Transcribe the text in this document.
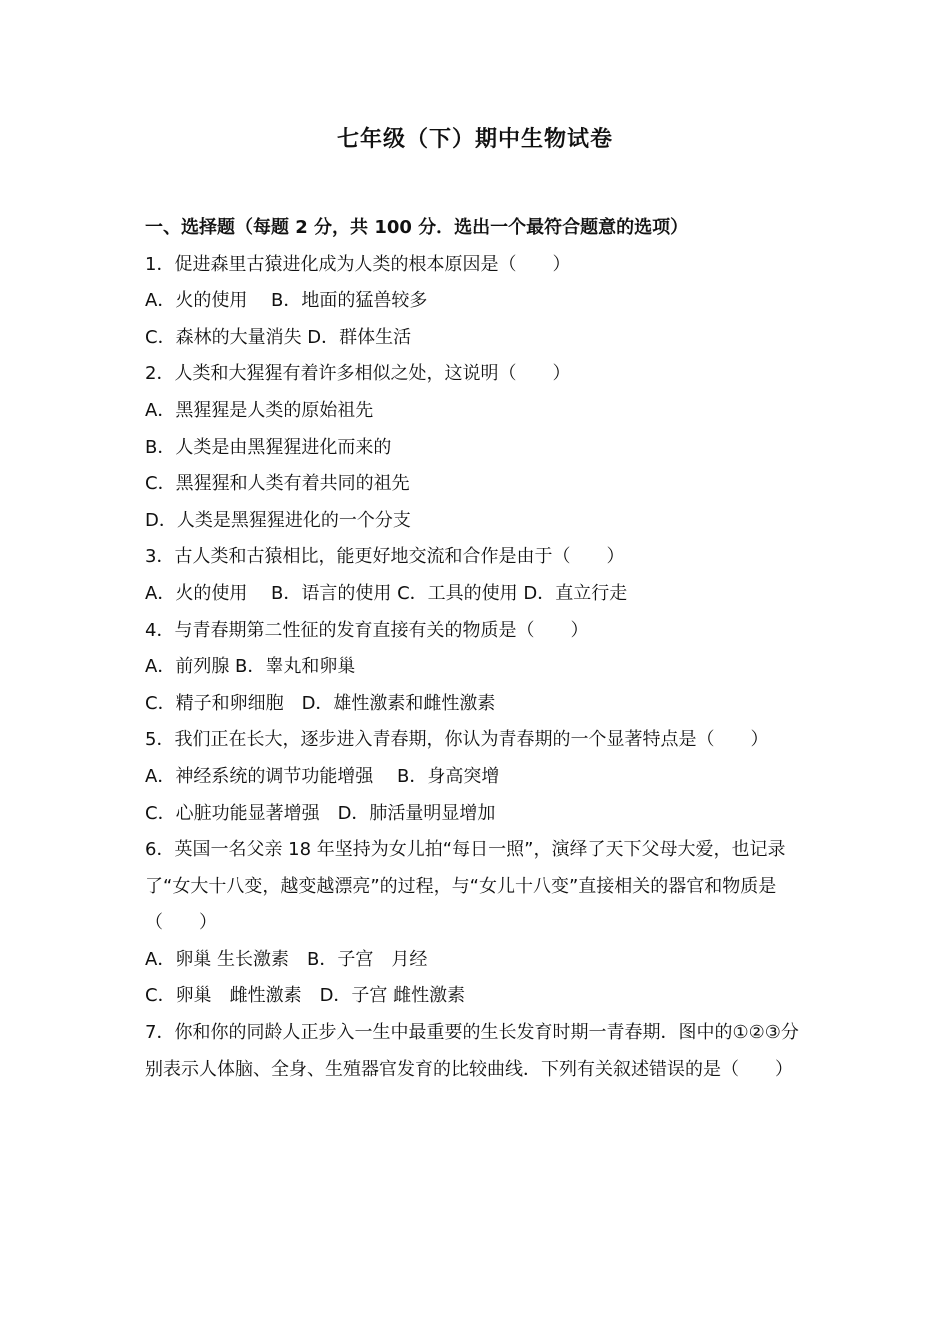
七年级（下）期中生物试卷
一、选择题（每题 2 分，共 100 分．选出一个最符合题意的选项）
1．促进森里古猿进化成为人类的根本原因是（　　）
A．火的使用　 B．地面的猛兽较多
C．森林的大量消失 D．群体生活
2．人类和大猩猩有着许多相似之处，这说明（　　）
A．黑猩猩是人类的原始祖先
B．人类是由黑猩猩进化而来的
C．黑猩猩和人类有着共同的祖先
D．人类是黑猩猩进化的一个分支
3．古人类和古猿相比，能更好地交流和合作是由于（　　）
A．火的使用　 B．语言的使用 C．工具的使用 D．直立行走
4．与青春期第二性征的发育直接有关的物质是（　　）
A．前列腺 B．睾丸和卵巢
C．精子和卵细胞　D．雄性激素和雌性激素
5．我们正在长大，逐步进入青春期，你认为青春期的一个显著特点是（　　）
A．神经系统的调节功能增强　 B．身高突增
C．心脏功能显著增强　D．肺活量明显增加
6．英国一名父亲 18 年坚持为女儿拍“每日一照”，演绎了天下父母大爱，也记录了“女大十八变，越变越漂亮”的过程，与“女儿十八变”直接相关的器官和物质是（　　）
A．卵巢 生长激素　B．子宫　月经
C．卵巢　雌性激素　D．子宫 雌性激素
7．你和你的同龄人正步入一生中最重要的生长发育时期一青春期．图中的①②③分别表示人体脑、全身、生殖器官发育的比较曲线．下列有关叙述错误的是（　　）
